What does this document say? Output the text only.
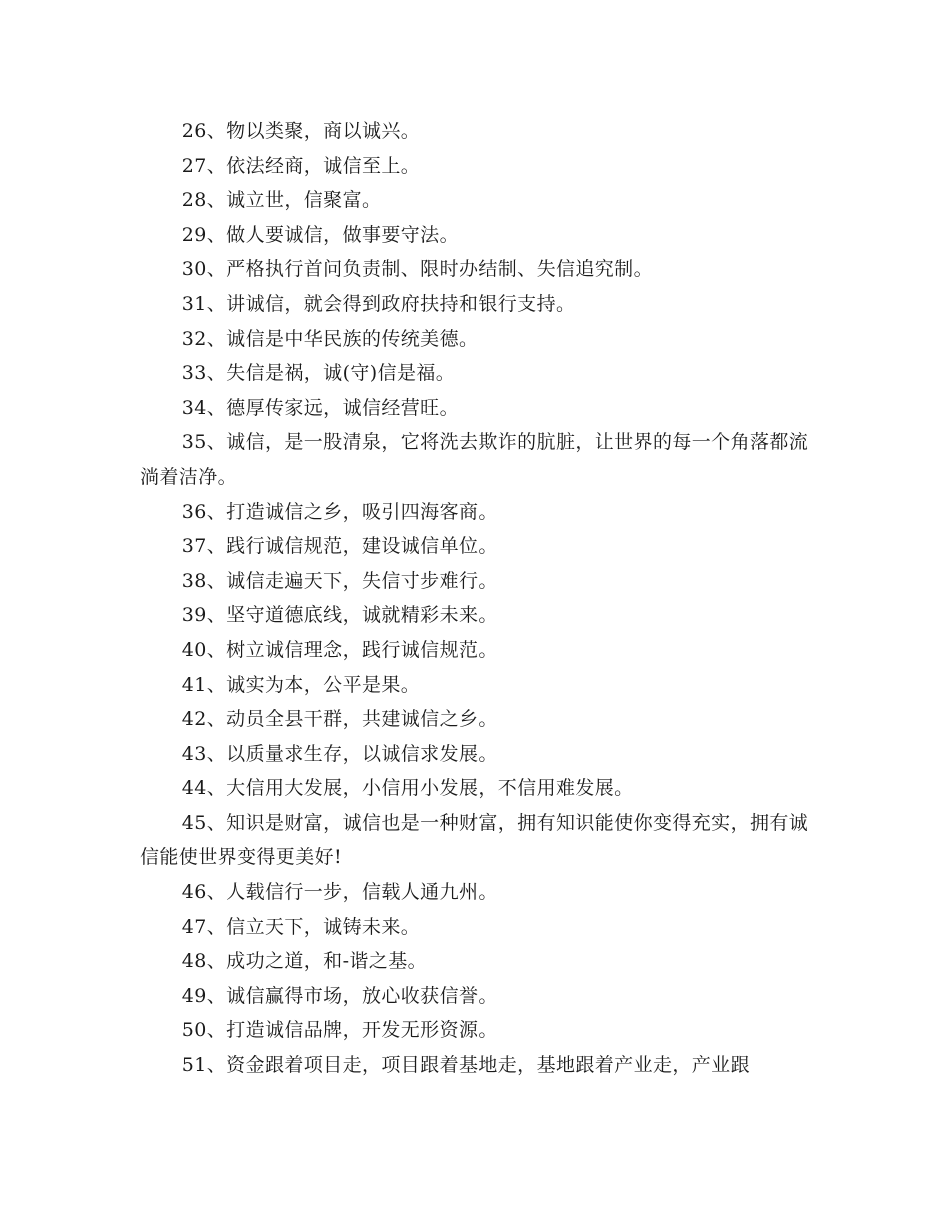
26、物以类聚，商以诚兴。

27、依法经商，诚信至上。

28、诚立世，信聚富。

29、做人要诚信，做事要守法。

30、严格执行首问负责制、限时办结制、失信追究制。

31、讲诚信，就会得到政府扶持和银行支持。

32、诚信是中华民族的传统美德。

33、失信是祸，诚(守)信是福。

34、德厚传家远，诚信经营旺。

35、诚信，是一股清泉，它将洗去欺诈的肮脏，让世界的每一个角落都流淌着洁净。

36、打造诚信之乡，吸引四海客商。

37、践行诚信规范，建设诚信单位。

38、诚信走遍天下，失信寸步难行。

39、坚守道德底线，诚就精彩未来。

40、树立诚信理念，践行诚信规范。

41、诚实为本，公平是果。

42、动员全县干群，共建诚信之乡。

43、以质量求生存，以诚信求发展。

44、大信用大发展，小信用小发展，不信用难发展。

45、知识是财富，诚信也是一种财富，拥有知识能使你变得充实，拥有诚信能使世界变得更美好!

46、人载信行一步，信载人通九州。

47、信立天下，诚铸未来。

48、成功之道，和-谐之基。

49、诚信赢得市场，放心收获信誉。

50、打造诚信品牌，开发无形资源。

51、资金跟着项目走，项目跟着基地走，基地跟着产业走，产业跟
